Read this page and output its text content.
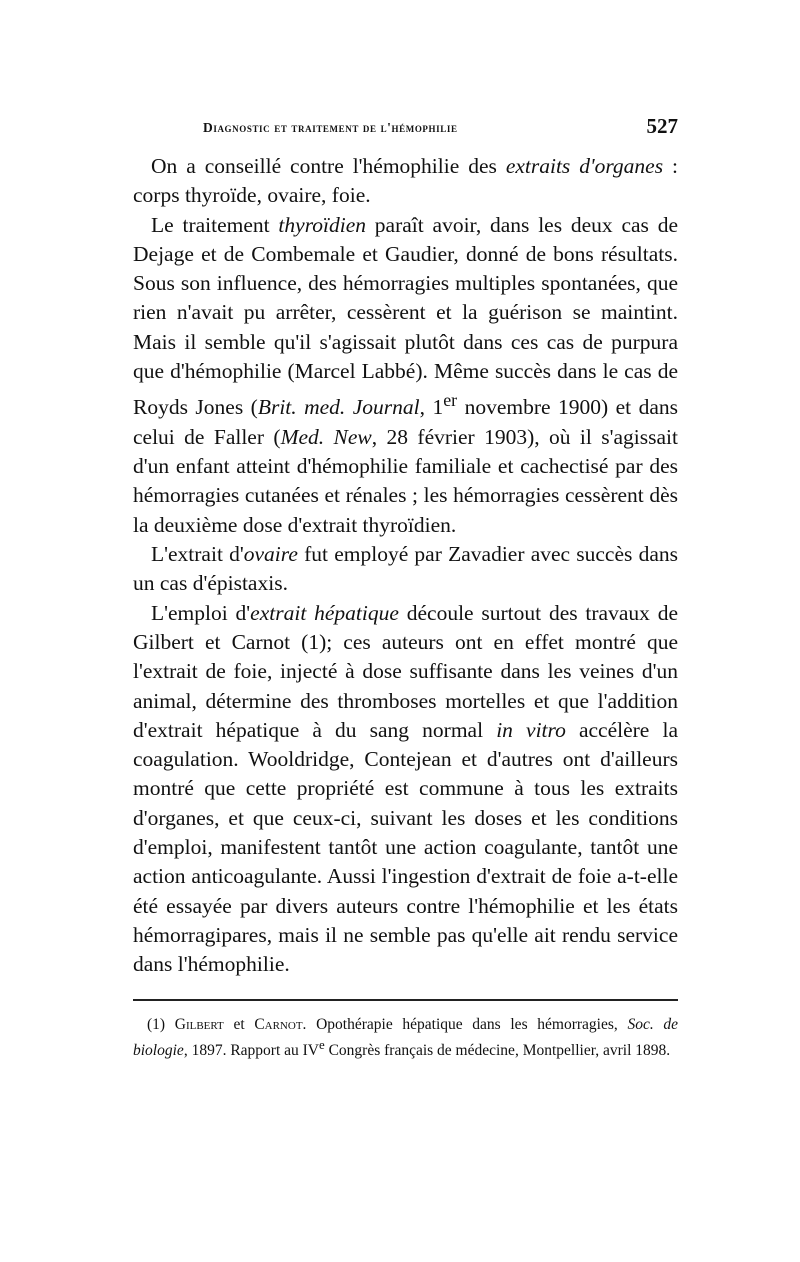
Diagnostic et traitement de l'hémophilie	527

On a conseillé contre l'hémophilie des extraits d'organes : corps thyroïde, ovaire, foie.

Le traitement thyroïdien paraît avoir, dans les deux cas de Dejage et de Combemale et Gaudier, donné de bons résultats. Sous son influence, des hémorragies multiples spontanées, que rien n'avait pu arrêter, cessèrent et la guérison se maintint. Mais il semble qu'il s'agissait plutôt dans ces cas de purpura que d'hémophilie (Marcel Labbé). Même succès dans le cas de Royds Jones (Brit. med. Journal, 1er novembre 1900) et dans celui de Faller (Med. New, 28 février 1903), où il s'agissait d'un enfant atteint d'hémophilie familiale et cachectisé par des hémorragies cutanées et rénales ; les hémorragies cessèrent dès la deuxième dose d'extrait thyroïdien.

L'extrait d'ovaire fut employé par Zavadier avec succès dans un cas d'épistaxis.

L'emploi d'extrait hépatique découle surtout des travaux de Gilbert et Carnot (1); ces auteurs ont en effet montré que l'extrait de foie, injecté à dose suffisante dans les veines d'un animal, détermine des thromboses mortelles et que l'addition d'extrait hépatique à du sang normal in vitro accélère la coagulation. Wooldridge, Contejean et d'autres ont d'ailleurs montré que cette propriété est commune à tous les extraits d'organes, et que ceux-ci, suivant les doses et les conditions d'emploi, manifestent tantôt une action coagulante, tantôt une action anticoagulante. Aussi l'ingestion d'extrait de foie a-t-elle été essayée par divers auteurs contre l'hémophilie et les états hémorragipares, mais il ne semble pas qu'elle ait rendu service dans l'hémophilie.

(1) Gilbert et Carnot. Opothérapie hépatique dans les hémorragies, Soc. de biologie, 1897. Rapport au IVe Congrès français de médecine, Montpellier, avril 1898.
